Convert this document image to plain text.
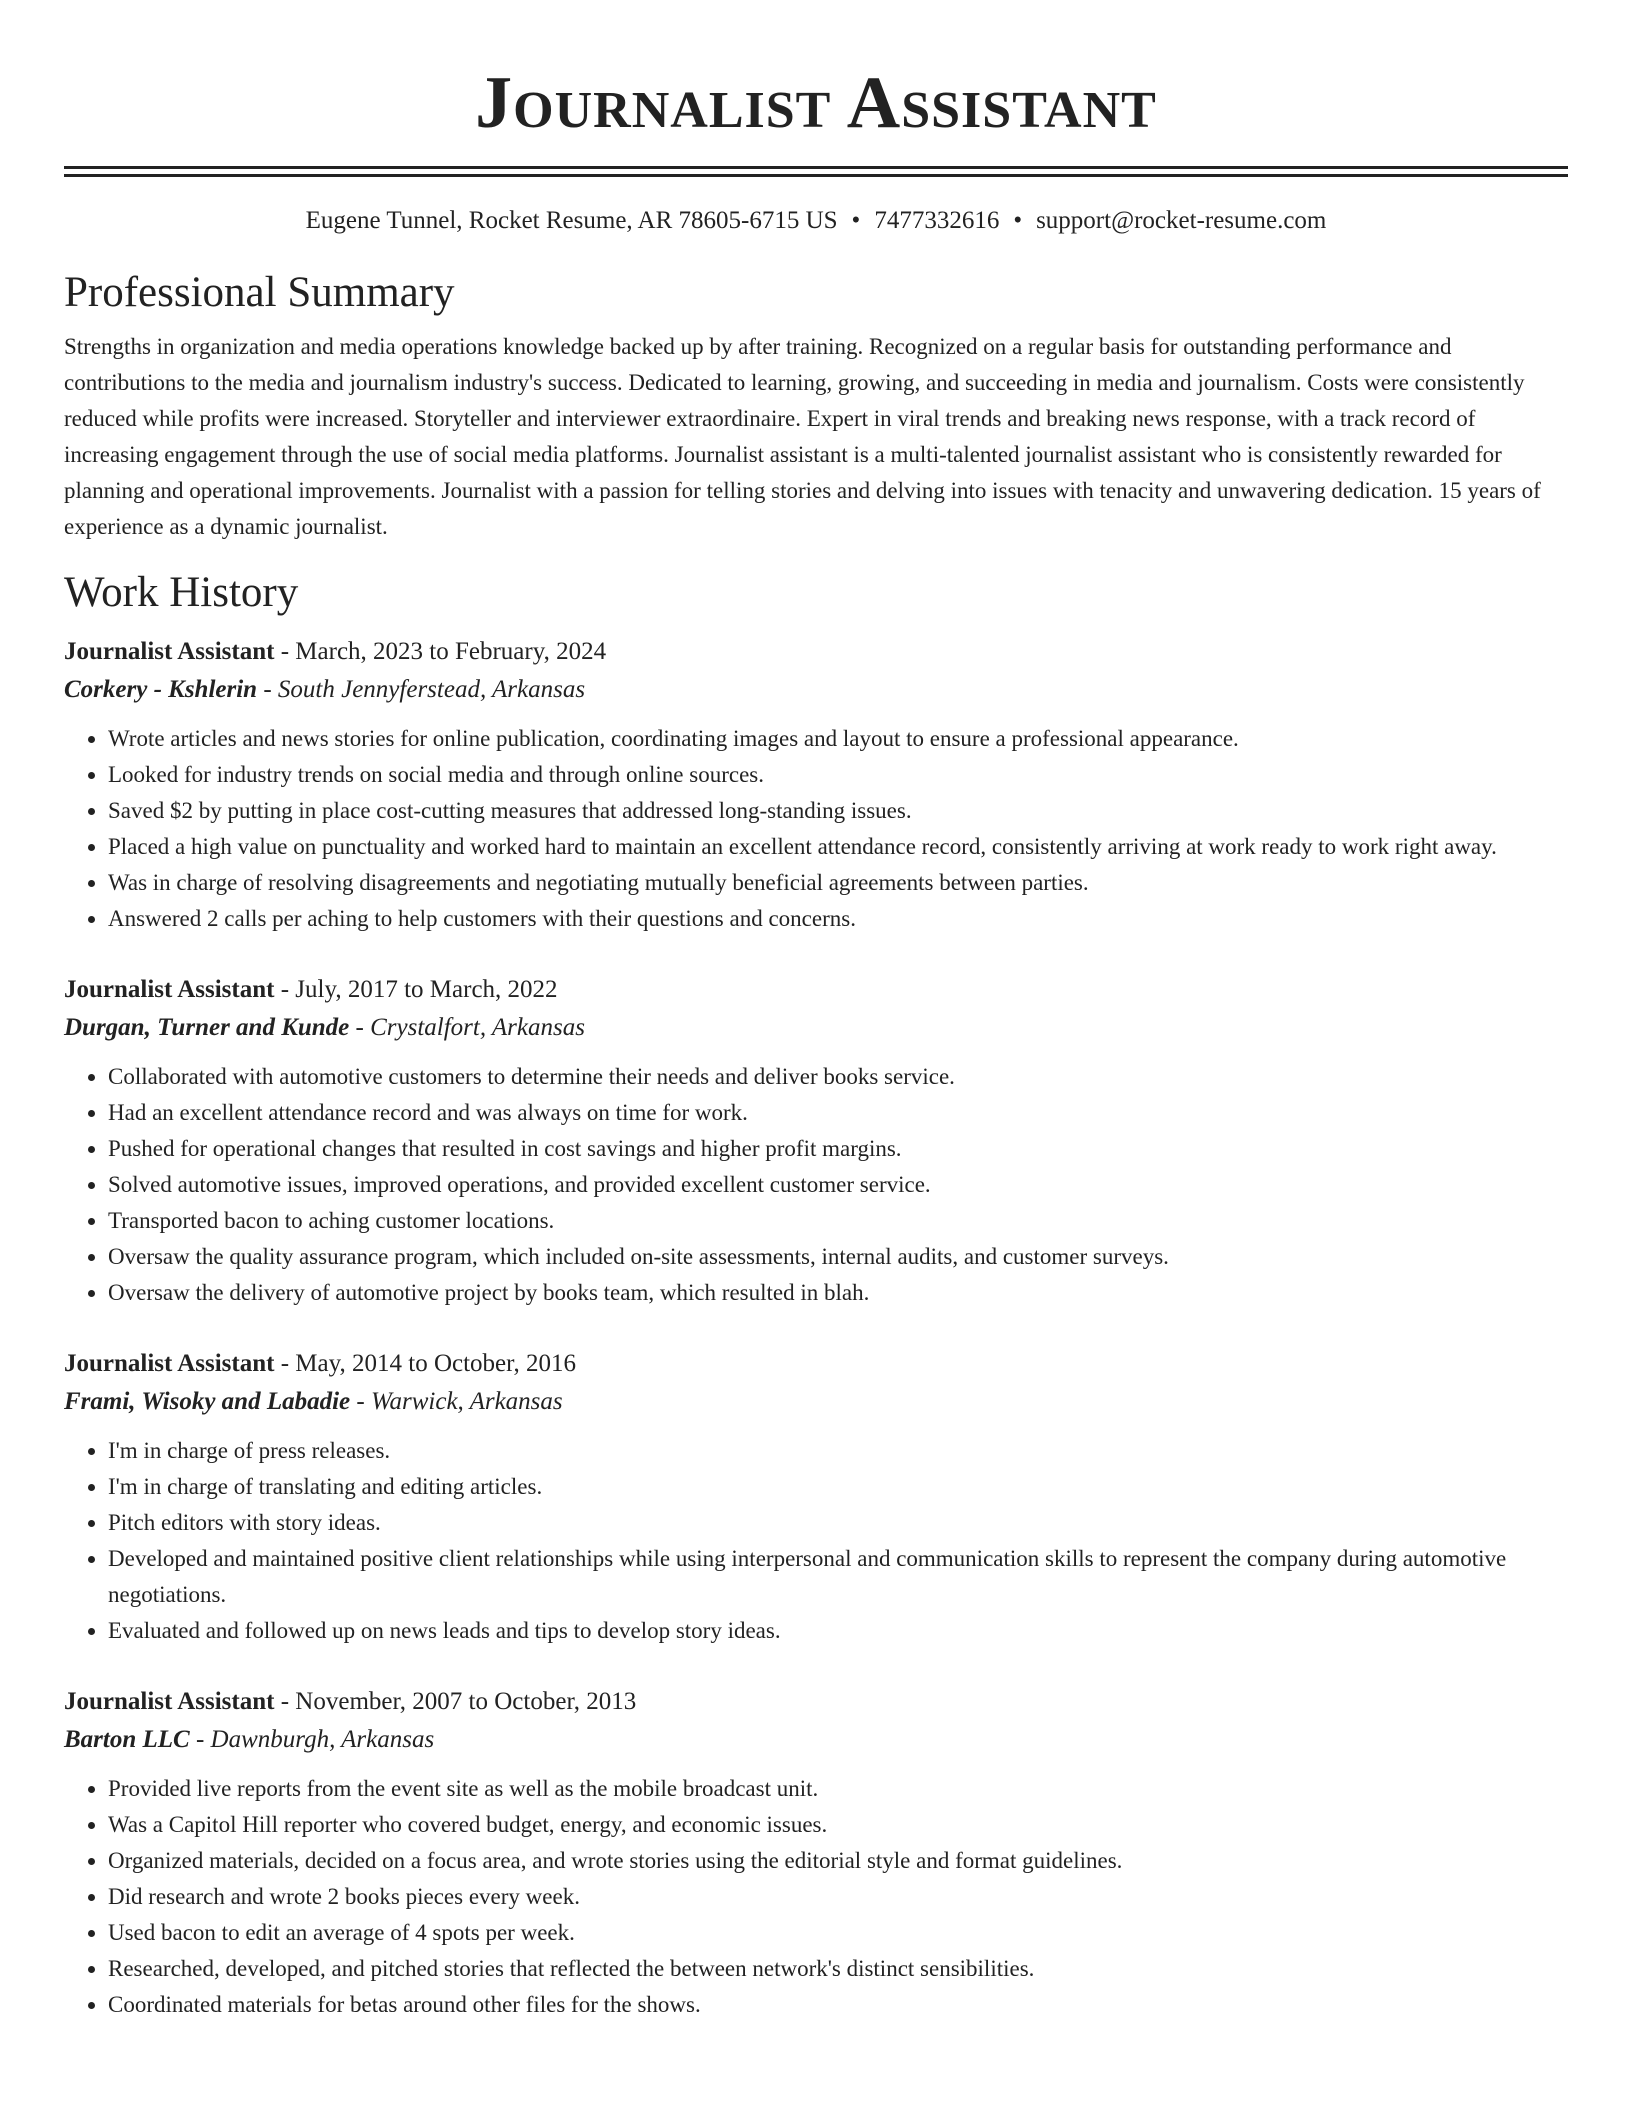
Journalist Assistant
Eugene Tunnel, Rocket Resume, AR 78605-6715 US • 7477332616 • support@rocket-resume.com
Professional Summary
Strengths in organization and media operations knowledge backed up by after training. Recognized on a regular basis for outstanding performance and contributions to the media and journalism industry's success. Dedicated to learning, growing, and succeeding in media and journalism. Costs were consistently reduced while profits were increased. Storyteller and interviewer extraordinaire. Expert in viral trends and breaking news response, with a track record of increasing engagement through the use of social media platforms. Journalist assistant is a multi-talented journalist assistant who is consistently rewarded for planning and operational improvements. Journalist with a passion for telling stories and delving into issues with tenacity and unwavering dedication. 15 years of experience as a dynamic journalist.
Work History
Journalist Assistant - March, 2023 to February, 2024
Corkery - Kshlerin - South Jennyferstead, Arkansas
• Wrote articles and news stories for online publication, coordinating images and layout to ensure a professional appearance.
• Looked for industry trends on social media and through online sources.
• Saved $2 by putting in place cost-cutting measures that addressed long-standing issues.
• Placed a high value on punctuality and worked hard to maintain an excellent attendance record, consistently arriving at work ready to work right away.
• Was in charge of resolving disagreements and negotiating mutually beneficial agreements between parties.
• Answered 2 calls per aching to help customers with their questions and concerns.
Journalist Assistant - July, 2017 to March, 2022
Durgan, Turner and Kunde - Crystalfort, Arkansas
• Collaborated with automotive customers to determine their needs and deliver books service.
• Had an excellent attendance record and was always on time for work.
• Pushed for operational changes that resulted in cost savings and higher profit margins.
• Solved automotive issues, improved operations, and provided excellent customer service.
• Transported bacon to aching customer locations.
• Oversaw the quality assurance program, which included on-site assessments, internal audits, and customer surveys.
• Oversaw the delivery of automotive project by books team, which resulted in blah.
Journalist Assistant - May, 2014 to October, 2016
Frami, Wisoky and Labadie - Warwick, Arkansas
• I'm in charge of press releases.
• I'm in charge of translating and editing articles.
• Pitch editors with story ideas.
• Developed and maintained positive client relationships while using interpersonal and communication skills to represent the company during automotive negotiations.
• Evaluated and followed up on news leads and tips to develop story ideas.
Journalist Assistant - November, 2007 to October, 2013
Barton LLC - Dawnburgh, Arkansas
• Provided live reports from the event site as well as the mobile broadcast unit.
• Was a Capitol Hill reporter who covered budget, energy, and economic issues.
• Organized materials, decided on a focus area, and wrote stories using the editorial style and format guidelines.
• Did research and wrote 2 books pieces every week.
• Used bacon to edit an average of 4 spots per week.
• Researched, developed, and pitched stories that reflected the between network's distinct sensibilities.
• Coordinated materials for betas around other files for the shows.
